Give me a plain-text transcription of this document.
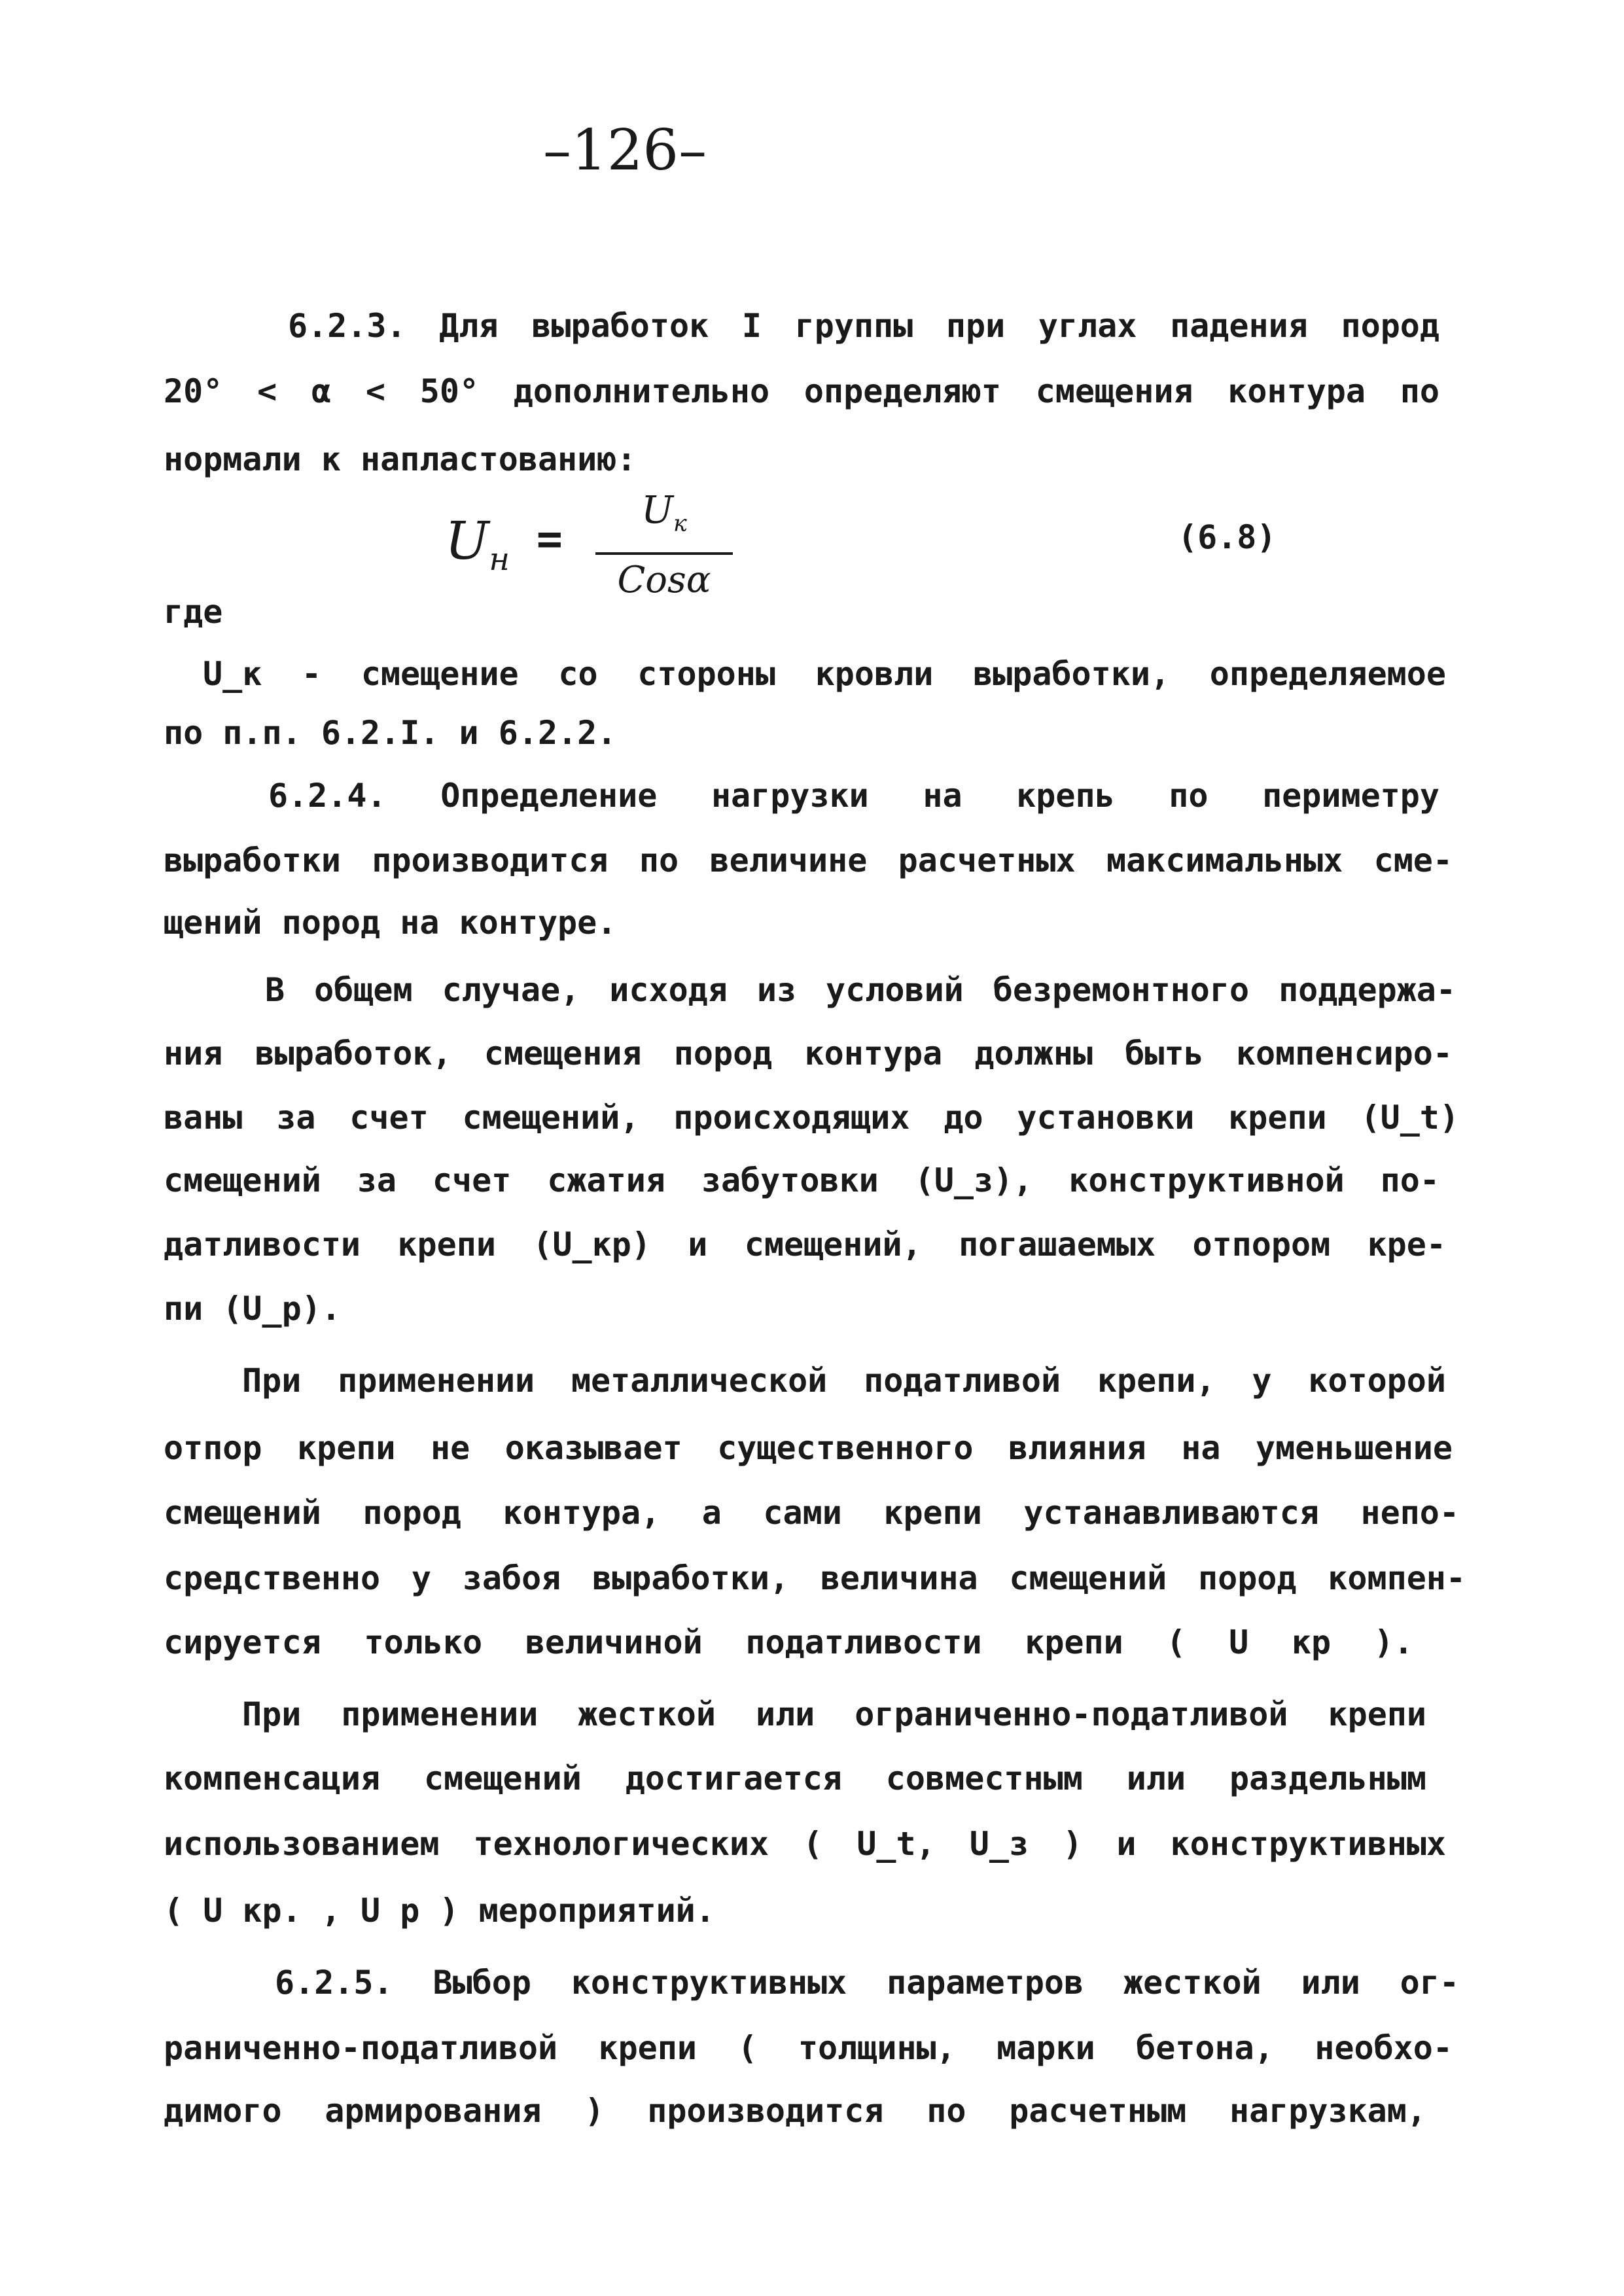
–126–
6.2.3. Для выработок I группы при углах падения пород
20° < α < 50° дополнительно определяют смещения контура по
нормали к напластованию:
$U_н$ =
$U_к$
Cosα
(6.8)
где
U_к - смещение со стороны кровли выработки, определяемое
по п.п. 6.2.I. и 6.2.2.
6.2.4. Определение нагрузки на крепь по периметру
выработки производится по величине расчетных максимальных сме-
щений пород на контуре.
В общем случае, исходя из условий безремонтного поддержа-
ния выработок, смещения пород контура должны быть компенсиро-
ваны за счет смещений, происходящих до установки крепи (U_t)
смещений за счет сжатия забутовки (U_з), конструктивной по-
датливости крепи (U_кр) и смещений, погашаемых отпором кре-
пи (U_р).
При применении металлической податливой крепи, у которой
отпор крепи не оказывает существенного влияния на уменьшение
смещений пород контура, а сами крепи устанавливаются непо-
средственно у забоя выработки, величина смещений пород компен-
сируется только величиной податливости крепи ( U кр ).
При применении жесткой или ограниченно-податливой крепи
компенсация смещений достигается совместным или раздельным
использованием технологических ( U_t, U_з ) и конструктивных
( U кр. , U р ) мероприятий.
6.2.5. Выбор конструктивных параметров жесткой или ог-
раниченно-податливой крепи ( толщины, марки бетона, необхо-
димого армирования ) производится по расчетным нагрузкам,
